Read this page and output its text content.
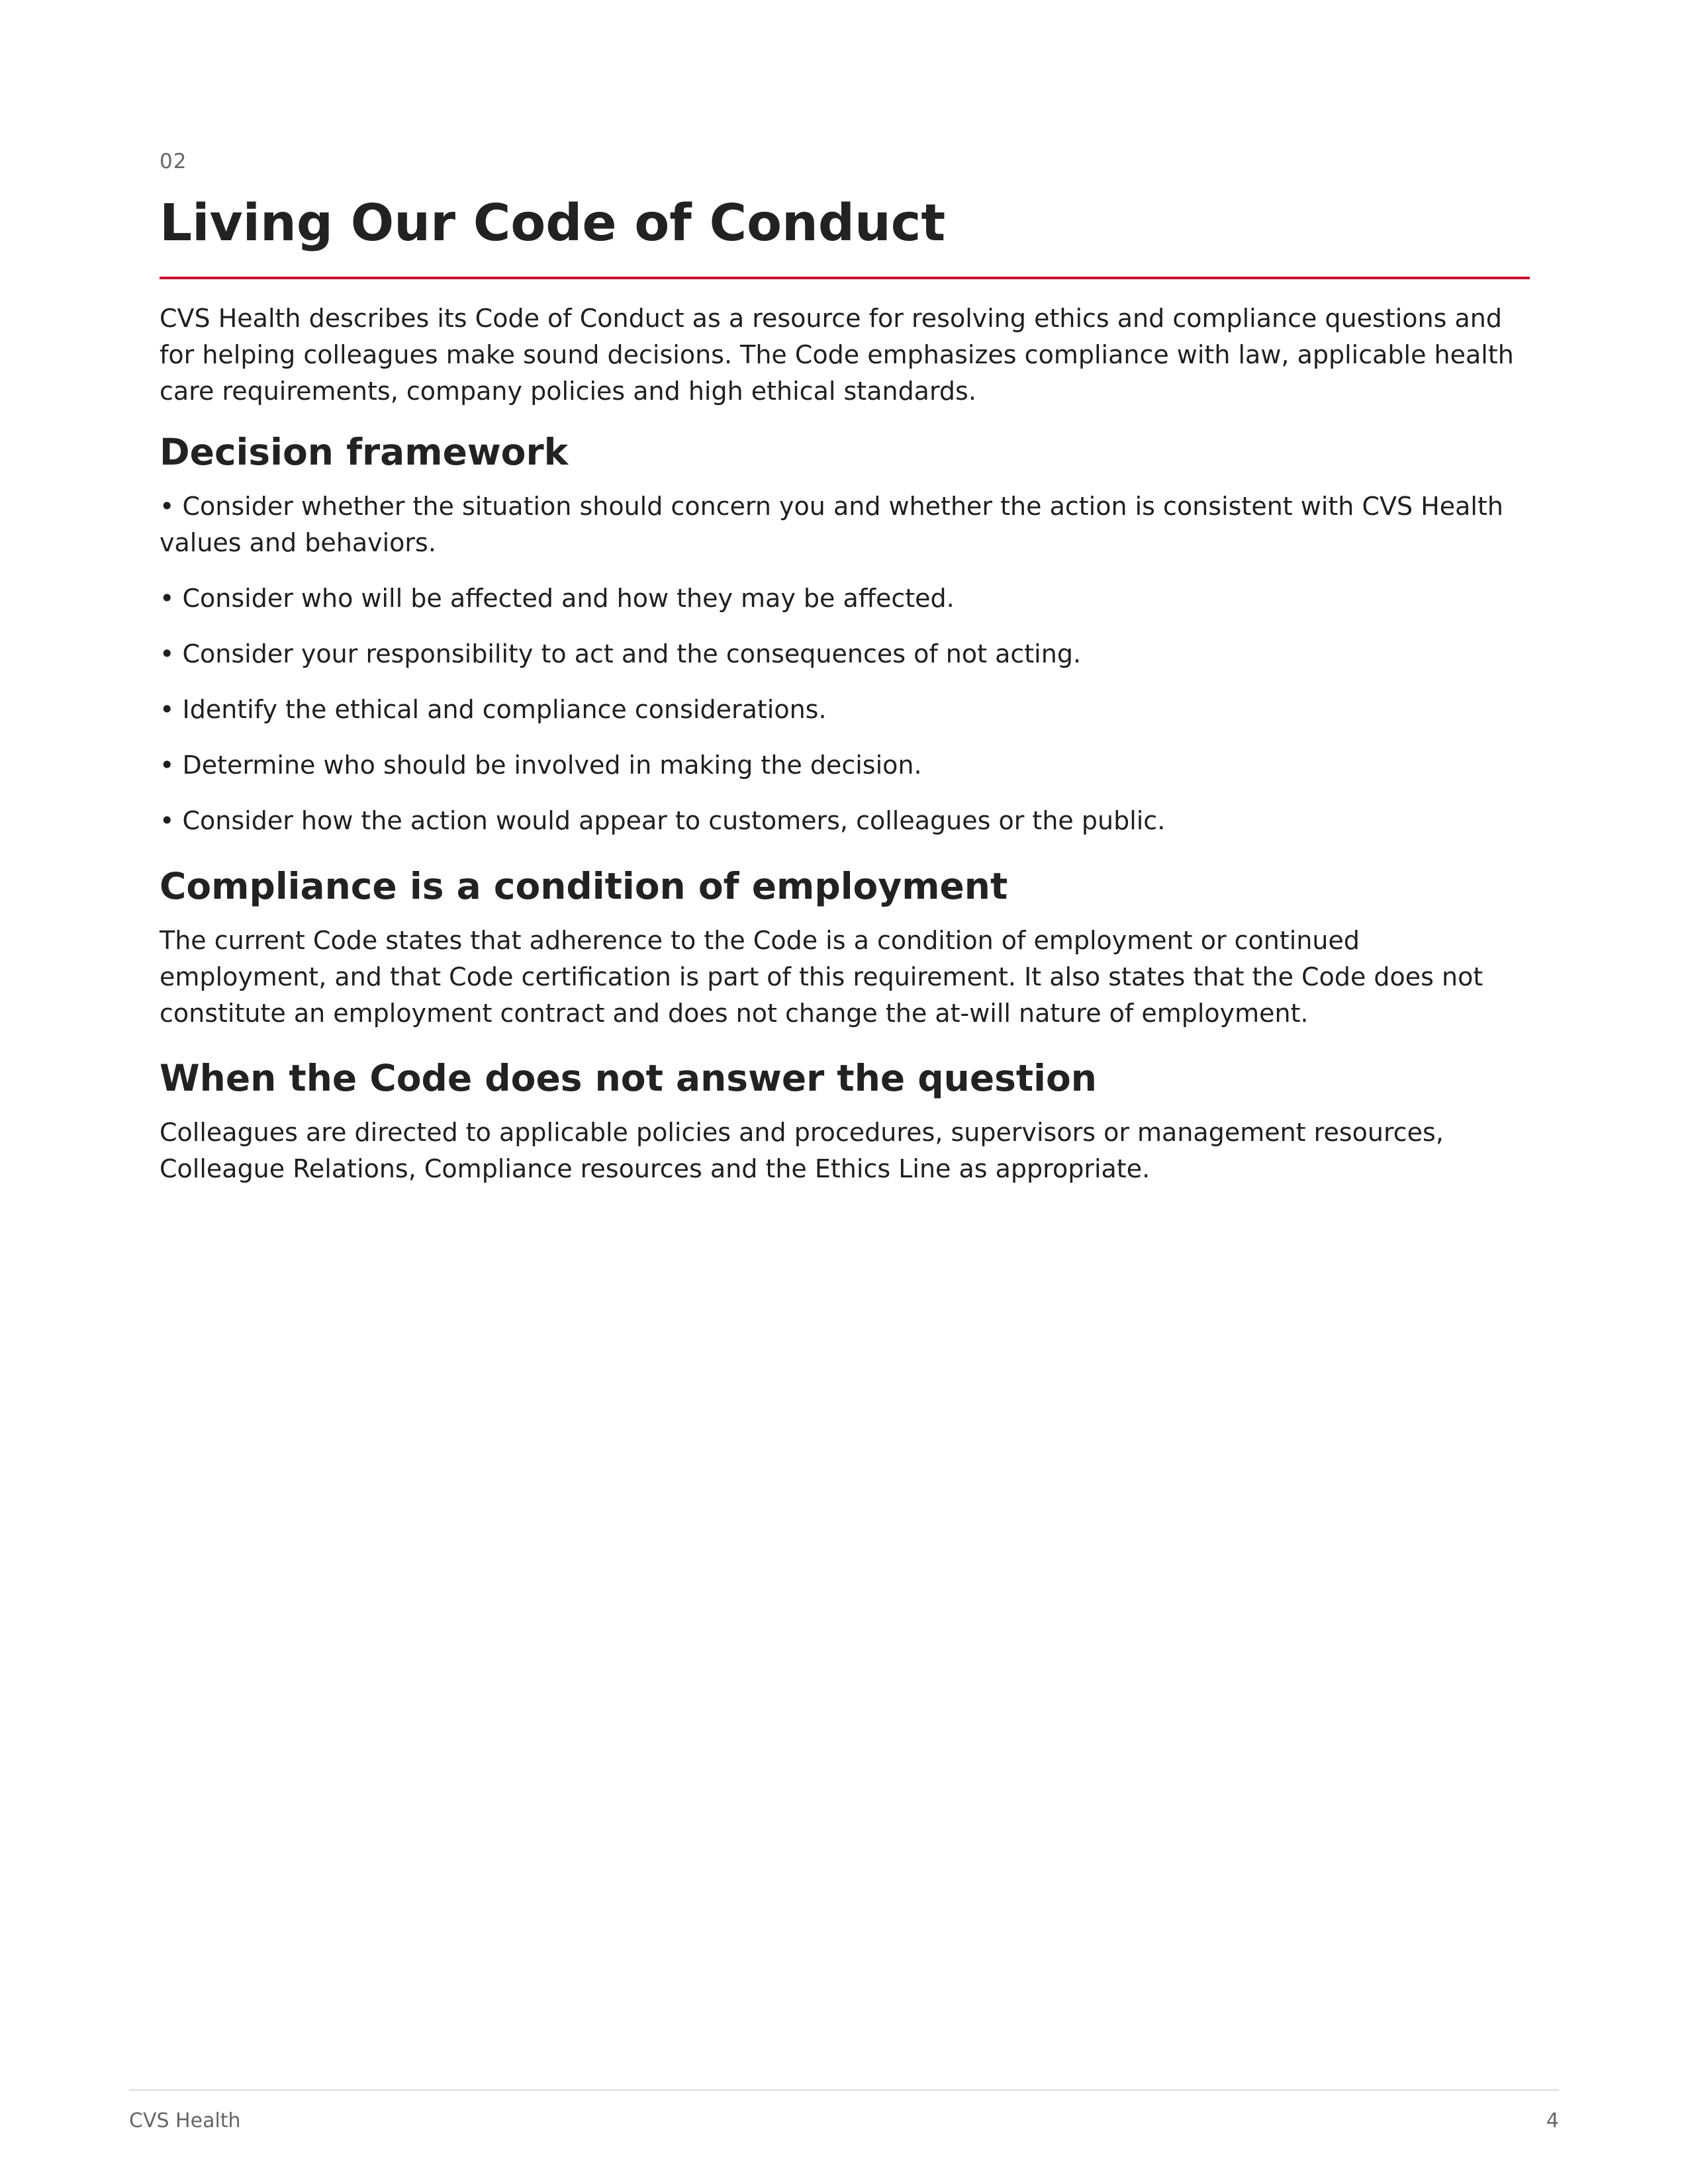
02

Living Our Code of Conduct

CVS Health describes its Code of Conduct as a resource for resolving ethics and compliance questions and for helping colleagues make sound decisions. The Code emphasizes compliance with law, applicable health care requirements, company policies and high ethical standards.

Decision framework
• Consider whether the situation should concern you and whether the action is consistent with CVS Health values and behaviors.
• Consider who will be affected and how they may be affected.
• Consider your responsibility to act and the consequences of not acting.
• Identify the ethical and compliance considerations.
• Determine who should be involved in making the decision.
• Consider how the action would appear to customers, colleagues or the public.
Compliance is a condition of employment

The current Code states that adherence to the Code is a condition of employment or continued employment, and that Code certification is part of this requirement. It also states that the Code does not constitute an employment contract and does not change the at-will nature of employment.

When the Code does not answer the question

Colleagues are directed to applicable policies and procedures, supervisors or management resources, Colleague Relations, Compliance resources and the Ethics Line as appropriate.

CVS Health	4
